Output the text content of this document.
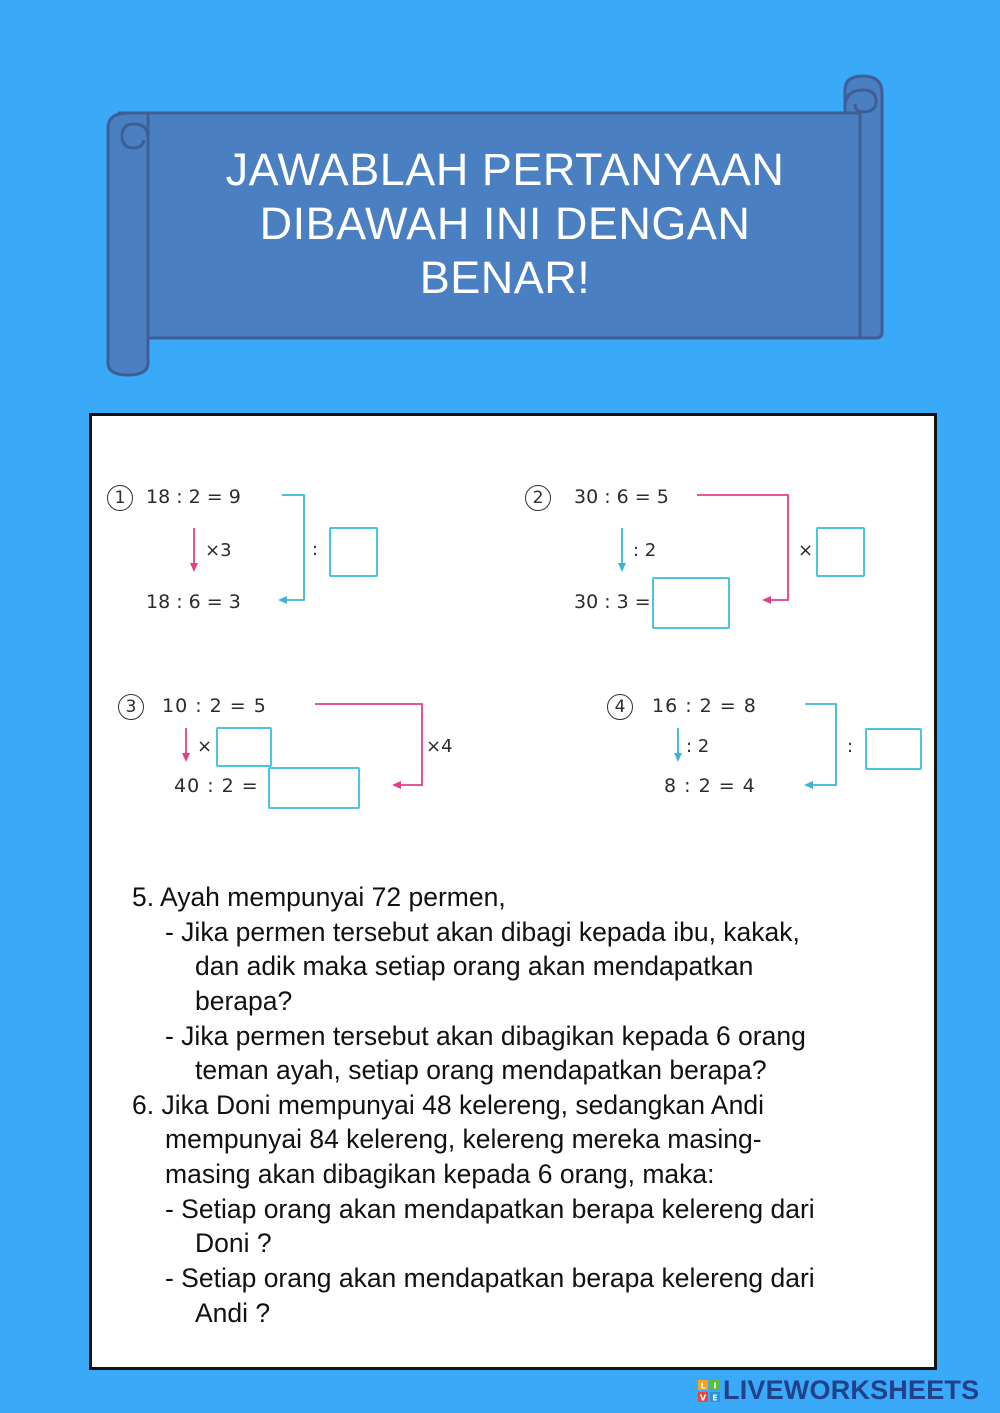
JAWABLAH PERTANYAAN
DIBAWAH INI DENGAN
BENAR!
1	18 : 2 = 9
×3
18 : 6 = 3
:
2	30 : 6 = 5
: 2
30 : 3 =
×
3	10 : 2 = 5
×
40 : 2 =
×4
4	16 : 2 = 8
: 2
8 : 2 = 4
:
5. Ayah mempunyai 72 permen,
- Jika permen tersebut akan dibagi kepada ibu, kakak,
dan adik maka setiap orang akan mendapatkan
berapa?
- Jika permen tersebut akan dibagikan kepada 6 orang
teman ayah, setiap orang mendapatkan berapa?
6. Jika Doni mempunyai 48 kelereng, sedangkan Andi
mempunyai 84 kelereng, kelereng mereka masing-
masing akan dibagikan kepada 6 orang, maka:
- Setiap orang akan mendapatkan berapa kelereng dari
Doni ?
- Setiap orang akan mendapatkan berapa kelereng dari
Andi ?
L I
V E LIVEWORKSHEETS
